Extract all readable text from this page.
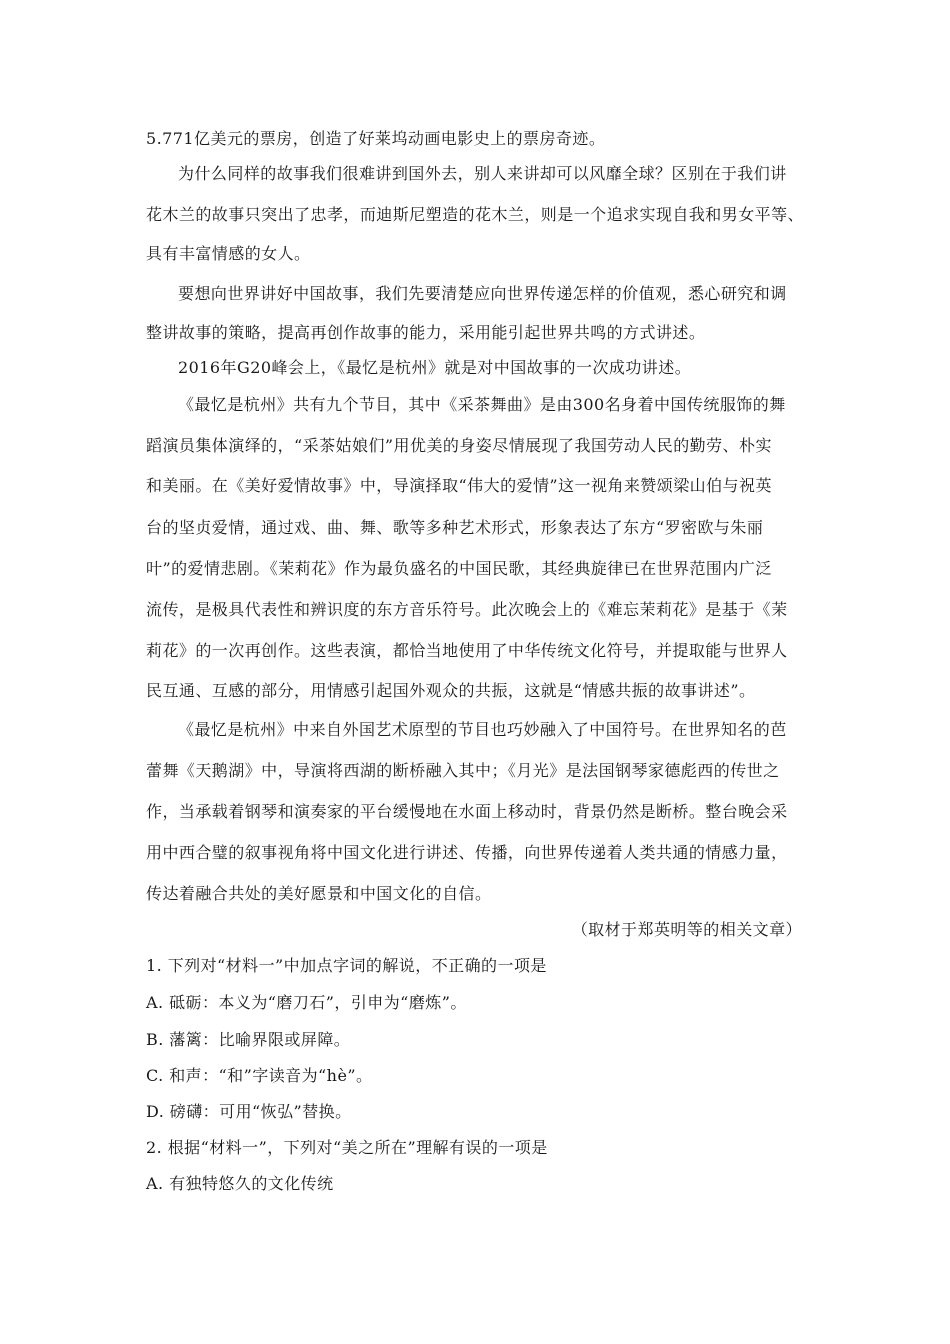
5.771亿美元的票房，创造了好莱坞动画电影史上的票房奇迹。
为什么同样的故事我们很难讲到国外去，别人来讲却可以风靡全球？区别在于我们讲
花木兰的故事只突出了忠孝，而迪斯尼塑造的花木兰，则是一个追求实现自我和男女平等、
具有丰富情感的女人。
要想向世界讲好中国故事，我们先要清楚应向世界传递怎样的价值观，悉心研究和调
整讲故事的策略，提高再创作故事的能力，采用能引起世界共鸣的方式讲述。
2016年G20峰会上，《最忆是杭州》就是对中国故事的一次成功讲述。
《最忆是杭州》共有九个节目，其中《采茶舞曲》是由300名身着中国传统服饰的舞
蹈演员集体演绎的，“采茶姑娘们”用优美的身姿尽情展现了我国劳动人民的勤劳、朴实
和美丽。在《美好爱情故事》中，导演择取“伟大的爱情”这一视角来赞颂梁山伯与祝英
台的坚贞爱情，通过戏、曲、舞、歌等多种艺术形式，形象表达了东方“罗密欧与朱丽
叶”的爱情悲剧。《茉莉花》作为最负盛名的中国民歌，其经典旋律已在世界范围内广泛
流传，是极具代表性和辨识度的东方音乐符号。此次晚会上的《难忘茉莉花》是基于《茉
莉花》的一次再创作。这些表演，都恰当地使用了中华传统文化符号，并提取能与世界人
民互通、互感的部分，用情感引起国外观众的共振，这就是“情感共振的故事讲述”。
《最忆是杭州》中来自外国艺术原型的节目也巧妙融入了中国符号。在世界知名的芭
蕾舞《天鹅湖》中，导演将西湖的断桥融入其中；《月光》是法国钢琴家德彪西的传世之
作，当承载着钢琴和演奏家的平台缓慢地在水面上移动时，背景仍然是断桥。整台晚会采
用中西合璧的叙事视角将中国文化进行讲述、传播，向世界传递着人类共通的情感力量，
传达着融合共处的美好愿景和中国文化的自信。
（取材于郑英明等的相关文章）
1. 下列对“材料一”中加点字词的解说，不正确的一项是
A. 砥砺：本义为“磨刀石”，引申为“磨炼”。
B. 藩篱：比喻界限或屏障。
C. 和声：“和”字读音为“hè”。
D. 磅礴：可用“恢弘”替换。
2. 根据“材料一”，下列对“美之所在”理解有误的一项是
A. 有独特悠久的文化传统
